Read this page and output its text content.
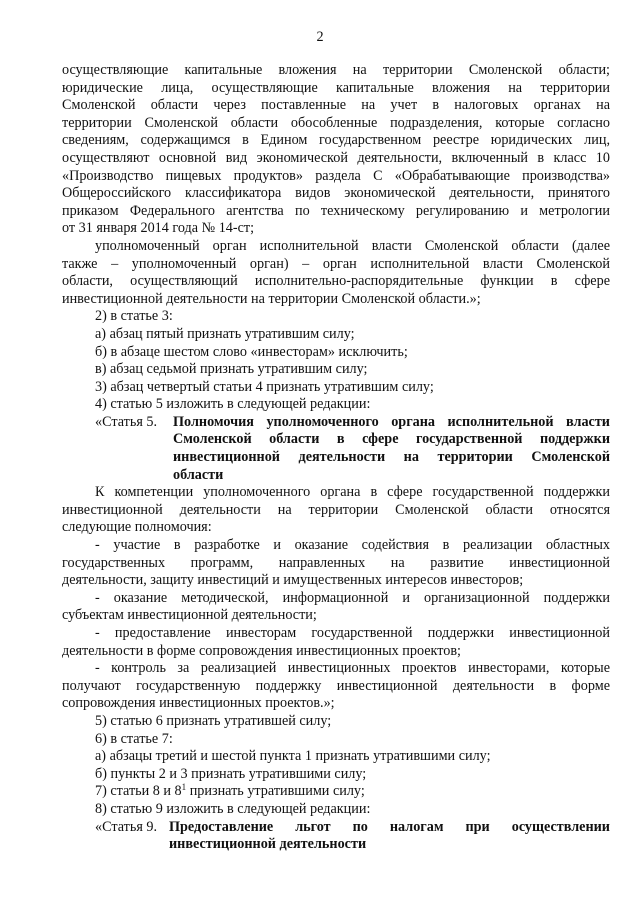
2
осуществляющие капитальные вложения на территории Смоленской области;
юридические лица, осуществляющие капитальные вложения на территории
Смоленской области через поставленные на учет в налоговых органах на
территории Смоленской области обособленные подразделения, которые согласно
сведениям, содержащимся в Едином государственном реестре юридических лиц,
осуществляют основной вид экономической деятельности, включенный в класс 10
«Производство пищевых продуктов» раздела С «Обрабатывающие производства»
Общероссийского классификатора видов экономической деятельности, принятого
приказом Федерального агентства по техническому регулированию и метрологии
от 31 января 2014 года № 14-ст;
уполномоченный орган исполнительной власти Смоленской области (далее
также – уполномоченный орган) – орган исполнительной власти Смоленской
области, осуществляющий исполнительно-распорядительные функции в сфере
инвестиционной деятельности на территории Смоленской области.»;
2) в статье 3:
а) абзац пятый признать утратившим силу;
б) в абзаце шестом слово «инвесторам» исключить;
в) абзац седьмой признать утратившим силу;
3) абзац четвертый статьи 4 признать утратившим силу;
4) статью 5 изложить в следующей редакции:
«Статья 5.	Полномочия уполномоченного органа исполнительной власти
Смоленской области в сфере государственной поддержки
инвестиционной деятельности на территории Смоленской
области
К компетенции уполномоченного органа в сфере государственной поддержки
инвестиционной деятельности на территории Смоленской области относятся
следующие полномочия:
- участие в разработке и оказание содействия в реализации областных
государственных программ, направленных на развитие инвестиционной
деятельности, защиту инвестиций и имущественных интересов инвесторов;
- оказание методической, информационной и организационной поддержки
субъектам инвестиционной деятельности;
- предоставление инвесторам государственной поддержки инвестиционной
деятельности в форме сопровождения инвестиционных проектов;
- контроль за реализацией инвестиционных проектов инвесторами, которые
получают государственную поддержку инвестиционной деятельности в форме
сопровождения инвестиционных проектов.»;
5) статью 6 признать утратившей силу;
6) в статье 7:
а) абзацы третий и шестой пункта 1 признать утратившими силу;
б) пункты 2 и 3 признать утратившими силу;
7) статьи 8 и $8^1$ признать утратившими силу;
8) статью 9 изложить в следующей редакции:
«Статья 9. Предоставление льгот по налогам при осуществлении
инвестиционной деятельности
